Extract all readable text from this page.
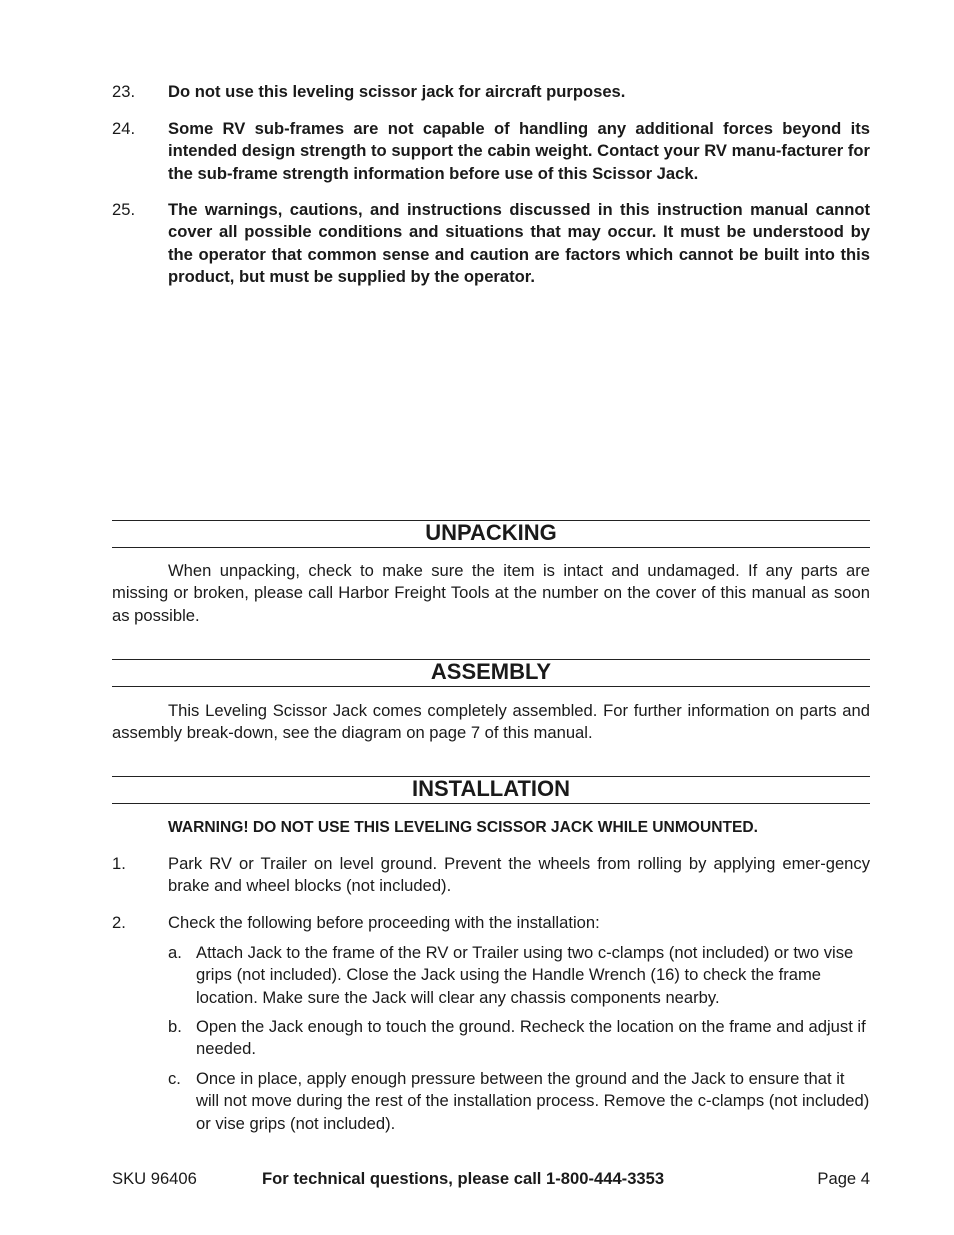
23. Do not use this leveling scissor jack for aircraft purposes.
24. Some RV sub-frames are not capable of handling any additional forces beyond its intended design strength to support the cabin weight. Contact your RV manu-facturer for the sub-frame strength information before use of this Scissor Jack.
25. The warnings, cautions, and instructions discussed in this instruction manual cannot cover all possible conditions and situations that may occur. It must be understood by the operator that common sense and caution are factors which cannot be built into this product, but must be supplied by the operator.
UNPACKING
When unpacking, check to make sure the item is intact and undamaged. If any parts are missing or broken, please call Harbor Freight Tools at the number on the cover of this manual as soon as possible.
ASSEMBLY
This Leveling Scissor Jack comes completely assembled. For further information on parts and assembly break-down, see the diagram on page 7 of this manual.
INSTALLATION
WARNING! DO NOT USE THIS LEVELING SCISSOR JACK WHILE UNMOUNTED.
1.	Park RV or Trailer on level ground. Prevent the wheels from rolling by applying emer-gency brake and wheel blocks (not included).
2.	Check the following before proceeding with the installation:
a. Attach Jack to the frame of the RV or Trailer using two c-clamps (not included) or two vise grips (not included). Close the Jack using the Handle Wrench (16) to check the frame location. Make sure the Jack will clear any chassis components nearby.
b. Open the Jack enough to touch the ground. Recheck the location on the frame and adjust if needed.
c. Once in place, apply enough pressure between the ground and the Jack to ensure that it will not move during the rest of the installation process. Remove the c-clamps (not included) or vise grips (not included).
SKU 96406	For technical questions, please call 1-800-444-3353	Page 4
